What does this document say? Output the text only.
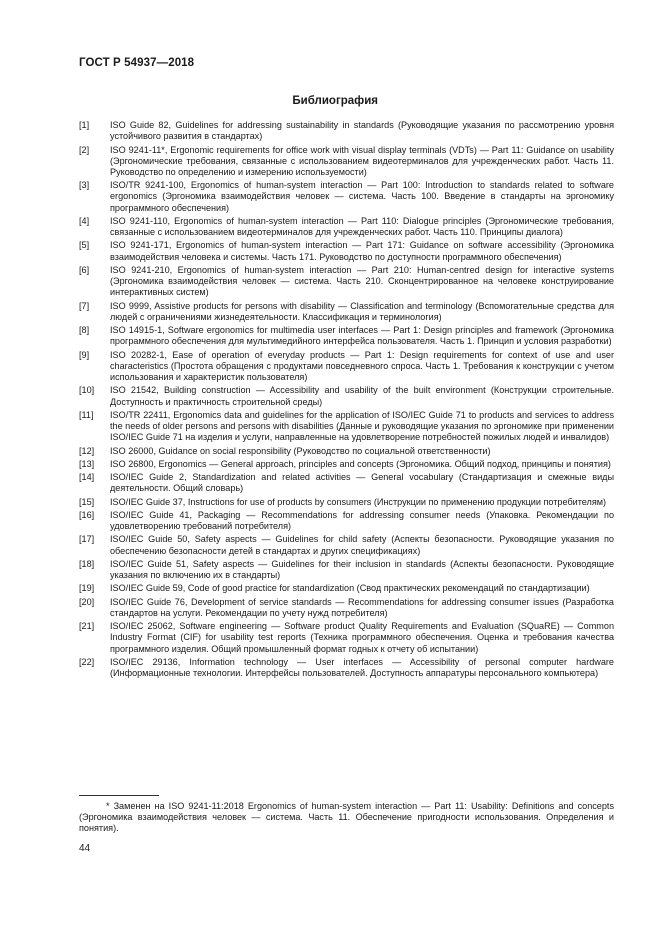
ГОСТ Р 54937—2018
Библиография
[1]	ISO Guide 82, Guidelines for addressing sustainability in standards (Руководящие указания по рассмотрению уровня устойчивого развития в стандартах)
[2]	ISO 9241-11*, Ergonomic requirements for office work with visual display terminals (VDTs) — Part 11: Guidance on usability (Эргономические требования, связанные с использованием видеотерминалов для учрежденческих работ. Часть 11. Руководство по определению и измерению используемости)
[3]	ISO/TR 9241-100, Ergonomics of human-system interaction — Part 100: Introduction to standards related to software ergonomics (Эргономика взаимодействия человек — система. Часть 100. Введение в стандарты на эргономику программного обеспечения)
[4]	ISO 9241-110, Ergonomics of human-system interaction — Part 110: Dialogue principles (Эргономические требования, связанные с использованием видеотерминалов для учрежденческих работ. Часть 110. Принципы диалога)
[5]	ISO 9241-171, Ergonomics of human-system interaction — Part 171: Guidance on software accessibility (Эргономика взаимодействия человека и системы. Часть 171. Руководство по доступности программного обеспечения)
[6]	ISO 9241-210, Ergonomics of human-system interaction — Part 210: Human-centred design for interactive systems (Эргономика взаимодействия человек — система. Часть 210. Сконцентрированное на человеке конструирование интерактивных систем)
[7]	ISO 9999, Assistive products for persons with disability — Classification and terminology (Вспомогательные средства для людей с ограничениями жизнедеятельности. Классификация и терминология)
[8]	ISO 14915-1, Software ergonomics for multimedia user interfaces — Part 1: Design principles and framework (Эргономика программного обеспечения для мультимедийного интерфейса пользователя. Часть 1. Принцип и условия разработки)
[9]	ISO 20282-1, Ease of operation of everyday products — Part 1: Design requirements for context of use and user characteristics (Простота обращения с продуктами повседневного спроса. Часть 1. Требования к конструкции с учетом использования и характеристик пользователя)
[10]	ISO 21542, Building construction — Accessibility and usability of the built environment (Конструкции строительные. Доступность и практичность строительной среды)
[11]	ISO/TR 22411, Ergonomics data and guidelines for the application of ISO/IEC Guide 71 to products and services to address the needs of older persons and persons with disabilities (Данные и руководящие указания по эргономике при применении ISO/IEC Guide 71 на изделия и услуги, направленные на удовлетворение потребностей пожилых людей и инвалидов)
[12]	ISO 26000, Guidance on social responsibility (Руководство по социальной ответственности)
[13]	ISO 26800, Ergonomics — General approach, principles and concepts (Эргономика. Общий подход, принципы и понятия)
[14]	ISO/IEC Guide 2, Standardization and related activities — General vocabulary (Стандартизация и смежные виды деятельности. Общий словарь)
[15]	ISO/IEC Guide 37, Instructions for use of products by consumers (Инструкции по применению продукции потребителям)
[16]	ISO/IEC Guide 41, Packaging — Recommendations for addressing consumer needs (Упаковка. Рекомендации по удовлетворению требований потребителя)
[17]	ISO/IEC Guide 50, Safety aspects — Guidelines for child safety (Аспекты безопасности. Руководящие указания по обеспечению безопасности детей в стандартах и других спецификациях)
[18]	ISO/IEC Guide 51, Safety aspects — Guidelines for their inclusion in standards (Аспекты безопасности. Руководящие указания по включению их в стандарты)
[19]	ISO/IEC Guide 59, Code of good practice for standardization (Свод практических рекомендаций по стандартизации)
[20]	ISO/IEC Guide 76, Development of service standards — Recommendations for addressing consumer issues (Разработка стандартов на услуги. Рекомендации по учету нужд потребителя)
[21]	ISO/IEC 25062, Software engineering — Software product Quality Requirements and Evaluation (SQuaRE) — Common Industry Format (CIF) for usability test reports (Техника программного обеспечения. Оценка и требования качества программного изделия. Общий промышленный формат годных к отчету об испытании)
[22]	ISO/IEC 29136, Information technology — User interfaces — Accessibility of personal computer hardware (Информационные технологии. Интерфейсы пользователей. Доступность аппаратуры персонального компьютера)
* Заменен на ISO 9241-11:2018 Ergonomics of human-system interaction — Part 11: Usability: Definitions and concepts (Эргономика взаимодействия человек — система. Часть 11. Обеспечение пригодности использования. Определения и понятия).
44
